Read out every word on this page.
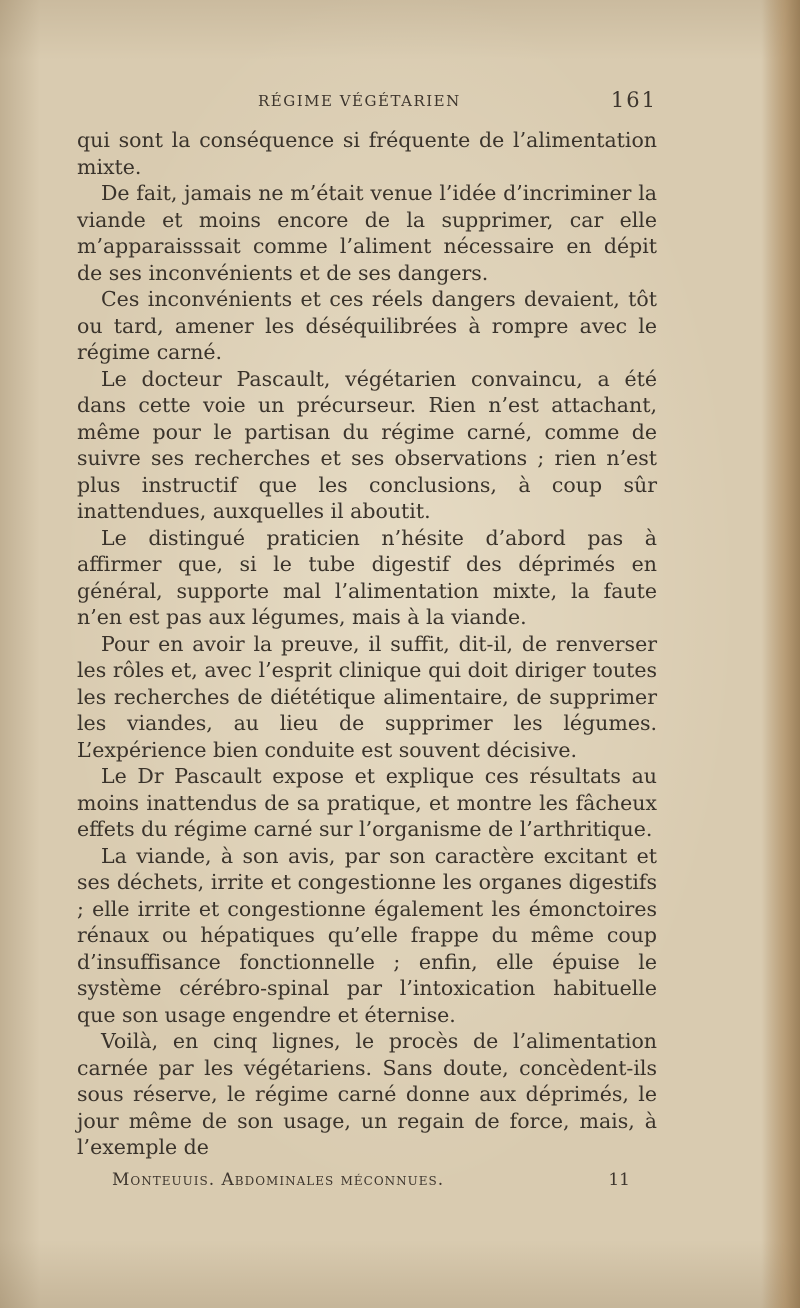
RÉGIME VÉGÉTARIEN	161

qui sont la conséquence si fréquente de l’alimentation mixte.

De fait, jamais ne m’était venue l’idée d’incriminer la viande et moins encore de la supprimer, car elle m’apparaisssait comme l’aliment nécessaire en dépit de ses inconvénients et de ses dangers.

Ces inconvénients et ces réels dangers devaient, tôt ou tard, amener les déséquilibrées à rompre avec le régime carné.

Le docteur Pascault, végétarien convaincu, a été dans cette voie un précurseur. Rien n’est attachant, même pour le partisan du régime carné, comme de suivre ses recherches et ses observations ; rien n’est plus instructif que les conclusions, à coup sûr inattendues, auxquelles il aboutit.

Le distingué praticien n’hésite d’abord pas à affirmer que, si le tube digestif des déprimés en général, supporte mal l’alimentation mixte, la faute n’en est pas aux légumes, mais à la viande.

Pour en avoir la preuve, il suffit, dit-il, de renverser les rôles et, avec l’esprit clinique qui doit diriger toutes les recherches de diététique alimentaire, de supprimer les viandes, au lieu de supprimer les légumes. L’expérience bien conduite est souvent décisive.

Le Dr Pascault expose et explique ces résultats au moins inattendus de sa pratique, et montre les fâcheux effets du régime carné sur l’organisme de l’arthritique.

La viande, à son avis, par son caractère excitant et ses déchets, irrite et congestionne les organes digestifs ; elle irrite et congestionne également les émonctoires rénaux ou hépatiques qu’elle frappe du même coup d’insuffisance fonctionnelle ; enfin, elle épuise le système cérébro-spinal par l’intoxication habituelle que son usage engendre et éternise.

Voilà, en cinq lignes, le procès de l’alimentation carnée par les végétariens. Sans doute, concèdent-ils sous réserve, le régime carné donne aux déprimés, le jour même de son usage, un regain de force, mais, à l’exemple de

Monteuuis. Abdominales méconnues.	11
